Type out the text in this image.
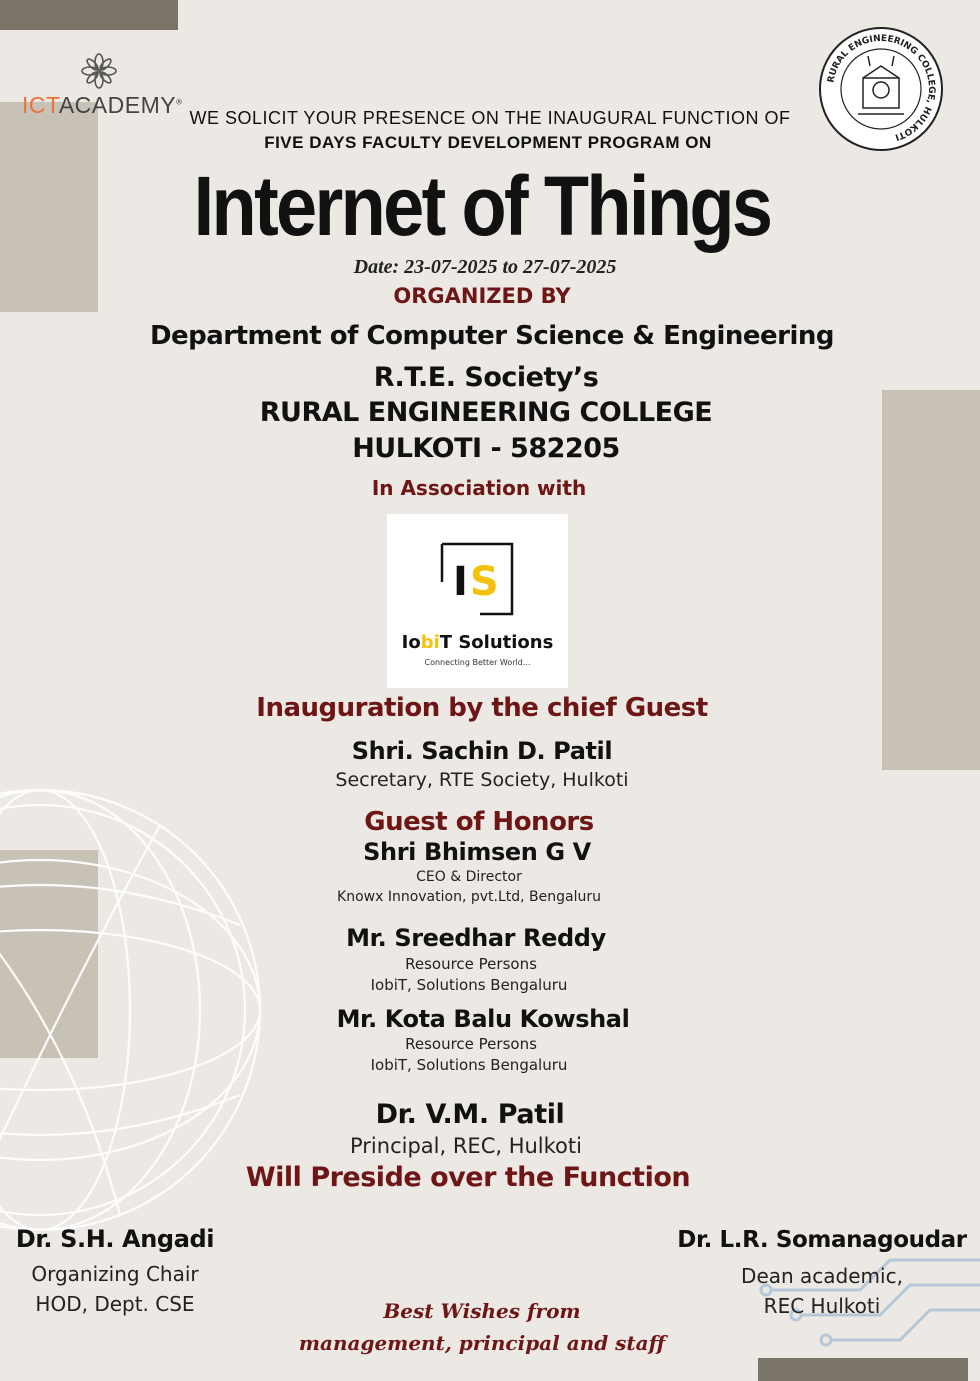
ICTACADEMY®
RURAL ENGINEERING COLLEGE, HULKOTI
WE SOLICIT YOUR PRESENCE ON THE INAUGURAL FUNCTION OF
FIVE DAYS FACULTY DEVELOPMENT PROGRAM ON
Internet of Things
Date: 23-07-2025 to 27-07-2025
ORGANIZED BY
Department of Computer Science & Engineering
R.T.E. Society’s
RURAL ENGINEERING COLLEGE
HULKOTI - 582205
In Association with
IS
IobiT Solutions
Connecting Better World...
Inauguration by the chief Guest
Shri. Sachin D. Patil
Secretary, RTE Society, Hulkoti
Guest of Honors
Shri Bhimsen G V
CEO & Director
Knowx Innovation, pvt.Ltd, Bengaluru
Mr. Sreedhar Reddy
Resource Persons
IobiT, Solutions Bengaluru
Mr. Kota Balu Kowshal
Resource Persons
IobiT, Solutions Bengaluru
Dr. V.M. Patil
Principal, REC, Hulkoti
Will Preside over the Function
Dr. S.H. Angadi
Organizing Chair
HOD, Dept. CSE
Dr. L.R. Somanagoudar
Dean academic,
REC Hulkoti
Best Wishes from
management, principal and staff
